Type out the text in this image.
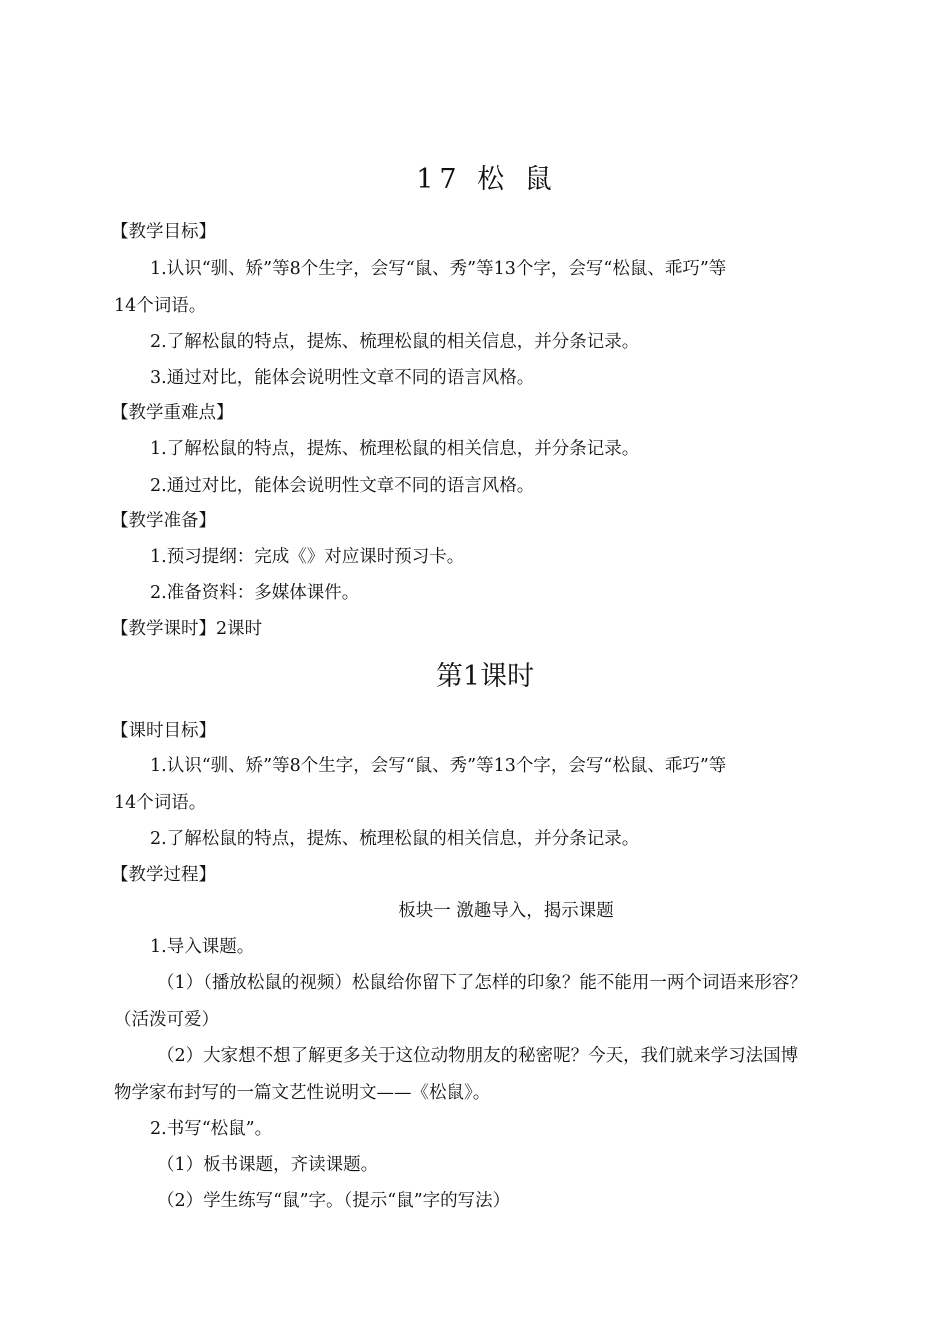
17 松 鼠
【教学目标】
1.认识“驯、矫”等8个生字，会写“鼠、秀”等13个字，会写“松鼠、乖巧”等
14个词语。
2.了解松鼠的特点，提炼、梳理松鼠的相关信息，并分条记录。
3.通过对比，能体会说明性文章不同的语言风格。
【教学重难点】
1.了解松鼠的特点，提炼、梳理松鼠的相关信息，并分条记录。
2.通过对比，能体会说明性文章不同的语言风格。
【教学准备】
1.预习提纲：完成《》对应课时预习卡。
2.准备资料：多媒体课件。
【教学课时】2课时
第1课时
【课时目标】
1.认识“驯、矫”等8个生字，会写“鼠、秀”等13个字，会写“松鼠、乖巧”等
14个词语。
2.了解松鼠的特点，提炼、梳理松鼠的相关信息，并分条记录。
【教学过程】
板块一 激趣导入，揭示课题
1.导入课题。
（1）（播放松鼠的视频）松鼠给你留下了怎样的印象？能不能用一两个词语来形容？
（活泼可爱）
（2）大家想不想了解更多关于这位动物朋友的秘密呢？今天，我们就来学习法国博
物学家布封写的一篇文艺性说明文——《松鼠》。
2.书写“松鼠”。
（1）板书课题，齐读课题。
（2）学生练写“鼠”字。（提示“鼠”字的写法）
